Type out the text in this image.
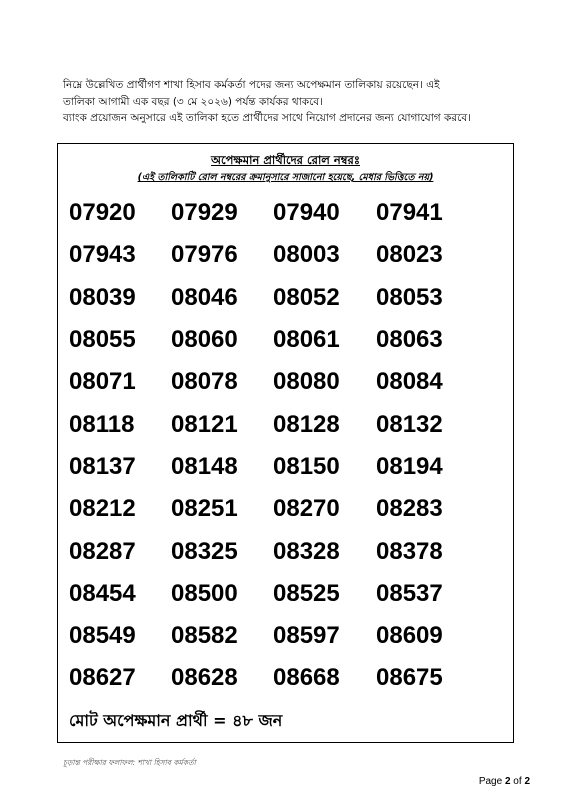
নিম্নে উল্লেখিত প্রার্থীগণ শাখা হিসাব কর্মকর্তা পদের জন্য অপেক্ষমান তালিকায় রয়েছেন। এই
তালিকা আগামী এক বছর (৩ মে ২০২৬) পর্যন্ত কার্যকর থাকবে।
ব্যাংক প্রয়োজন অনুসারে এই তালিকা হতে প্রার্থীদের সাথে নিয়োগ প্রদানের জন্য যোগাযোগ করবে।
অপেক্ষমান প্রার্থীদের রোল নম্বরঃ
(এই তালিকাটি রোল নম্বরের ক্রমানুসারে সাজানো হয়েছে, মেধার ভিত্তিতে নয়)
07920	07929	07940	07941
07943	07976	08003	08023
08039	08046	08052	08053
08055	08060	08061	08063
08071	08078	08080	08084
08118	08121	08128	08132
08137	08148	08150	08194
08212	08251	08270	08283
08287	08325	08328	08378
08454	08500	08525	08537
08549	08582	08597	08609
08627	08628	08668	08675
মোট অপেক্ষমান প্রার্থী = ৪৮ জন
চূড়ান্ত পরীক্ষার ফলাফল: শাখা হিসাব কর্মকর্তা
Page 2 of 2
